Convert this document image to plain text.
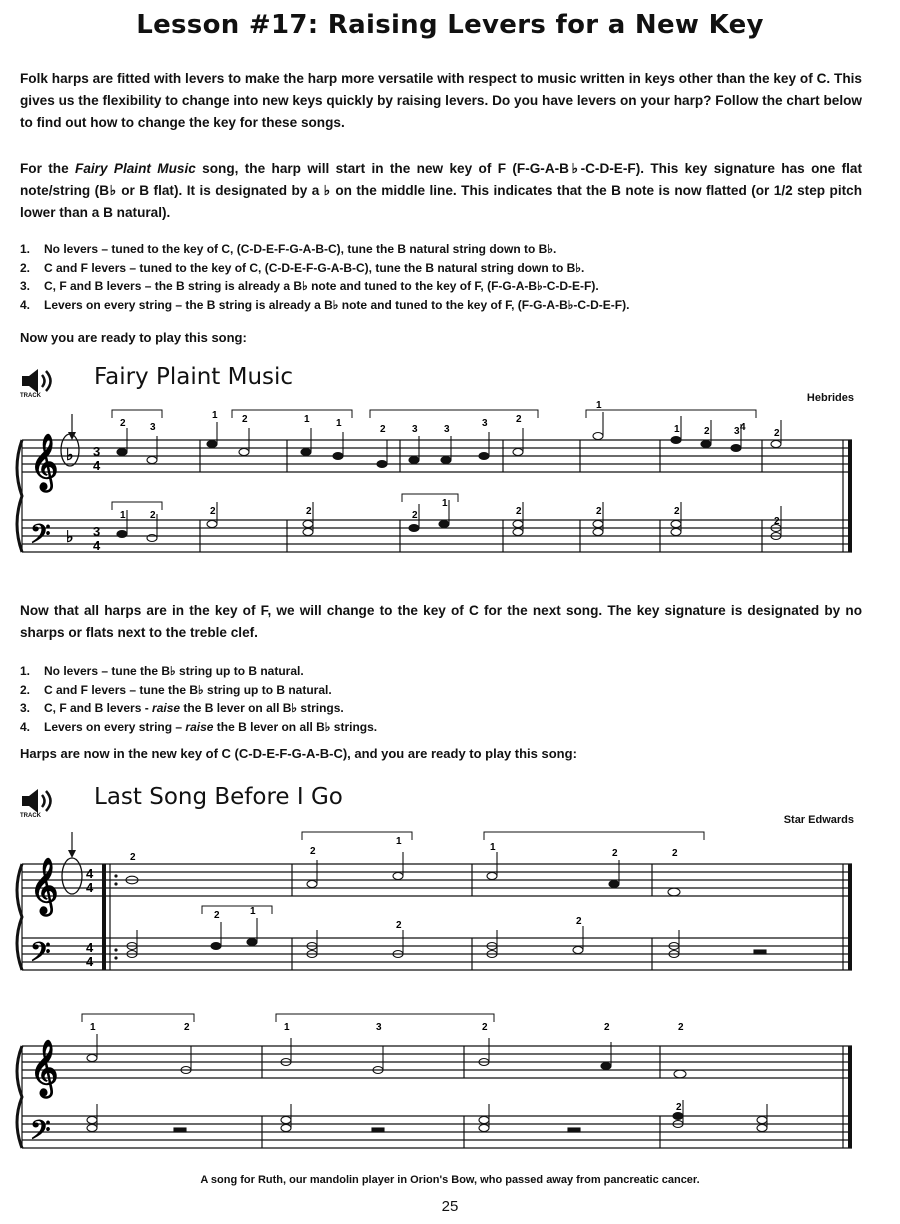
Lesson #17: Raising Levers for a New Key

Folk harps are fitted with levers to make the harp more versatile with respect to music written in keys other than the key of C. This gives us the flexibility to change into new keys quickly by raising levers. Do you have levers on your harp? Follow the chart below to find out how to change the key for these songs.

For the Fairy Plaint Music song, the harp will start in the new key of F (F-G-A-B♭-C-D-E-F). This key signature has one flat note/string (B♭ or B flat). It is designated by a ♭ on the middle line. This indicates that the B note is now flatted (or 1/2 step pitch lower than a B natural).

1. No levers – tuned to the key of C, (C-D-E-F-G-A-B-C), tune the B natural string down to B♭.
2. C and F levers – tuned to the key of C, (C-D-E-F-G-A-B-C), tune the B natural string down to B♭.
3. C, F and B levers – the B string is already a B♭ note and tuned to the key of F, (F-G-A-B♭-C-D-E-F).
4. Levers on every string – the B string is already a B♭ note and tuned to the key of F, (F-G-A-B♭-C-D-E-F).
Now you are ready to play this song:
TRACK
Fairy Plaint Music
Hebrides
𝄞
𝄢
♭
♭
3
4
3
4
2 3
1 2	1	1
2	3	3
3	2
1
1 2 3 4
2
1 2	2	2	2
1
2	2	2
2

Now that all harps are in the key of F, we will change to the key of C for the next song. The key signature is designated by no sharps or flats next to the treble clef.

1. No levers – tune the B♭ string up to B natural.
2. C and F levers – tune the B♭ string up to B natural.
3. C, F and B levers - raise the B lever on all B♭ strings.
4. Levers on every string – raise the B lever on all B♭ strings.
Harps are now in the new key of C (C-D-E-F-G-A-B-C), and you are ready to play this song:
TRACK
Last Song Before I Go
Star Edwards
𝄞
𝄢
4
4
4
4
2
2
1
1
2	2
2	1
2	2
𝄞
𝄢
1	2	1	3	2	2	2
2
A song for Ruth, our mandolin player in Orion's Bow, who passed away from pancreatic cancer.
25
